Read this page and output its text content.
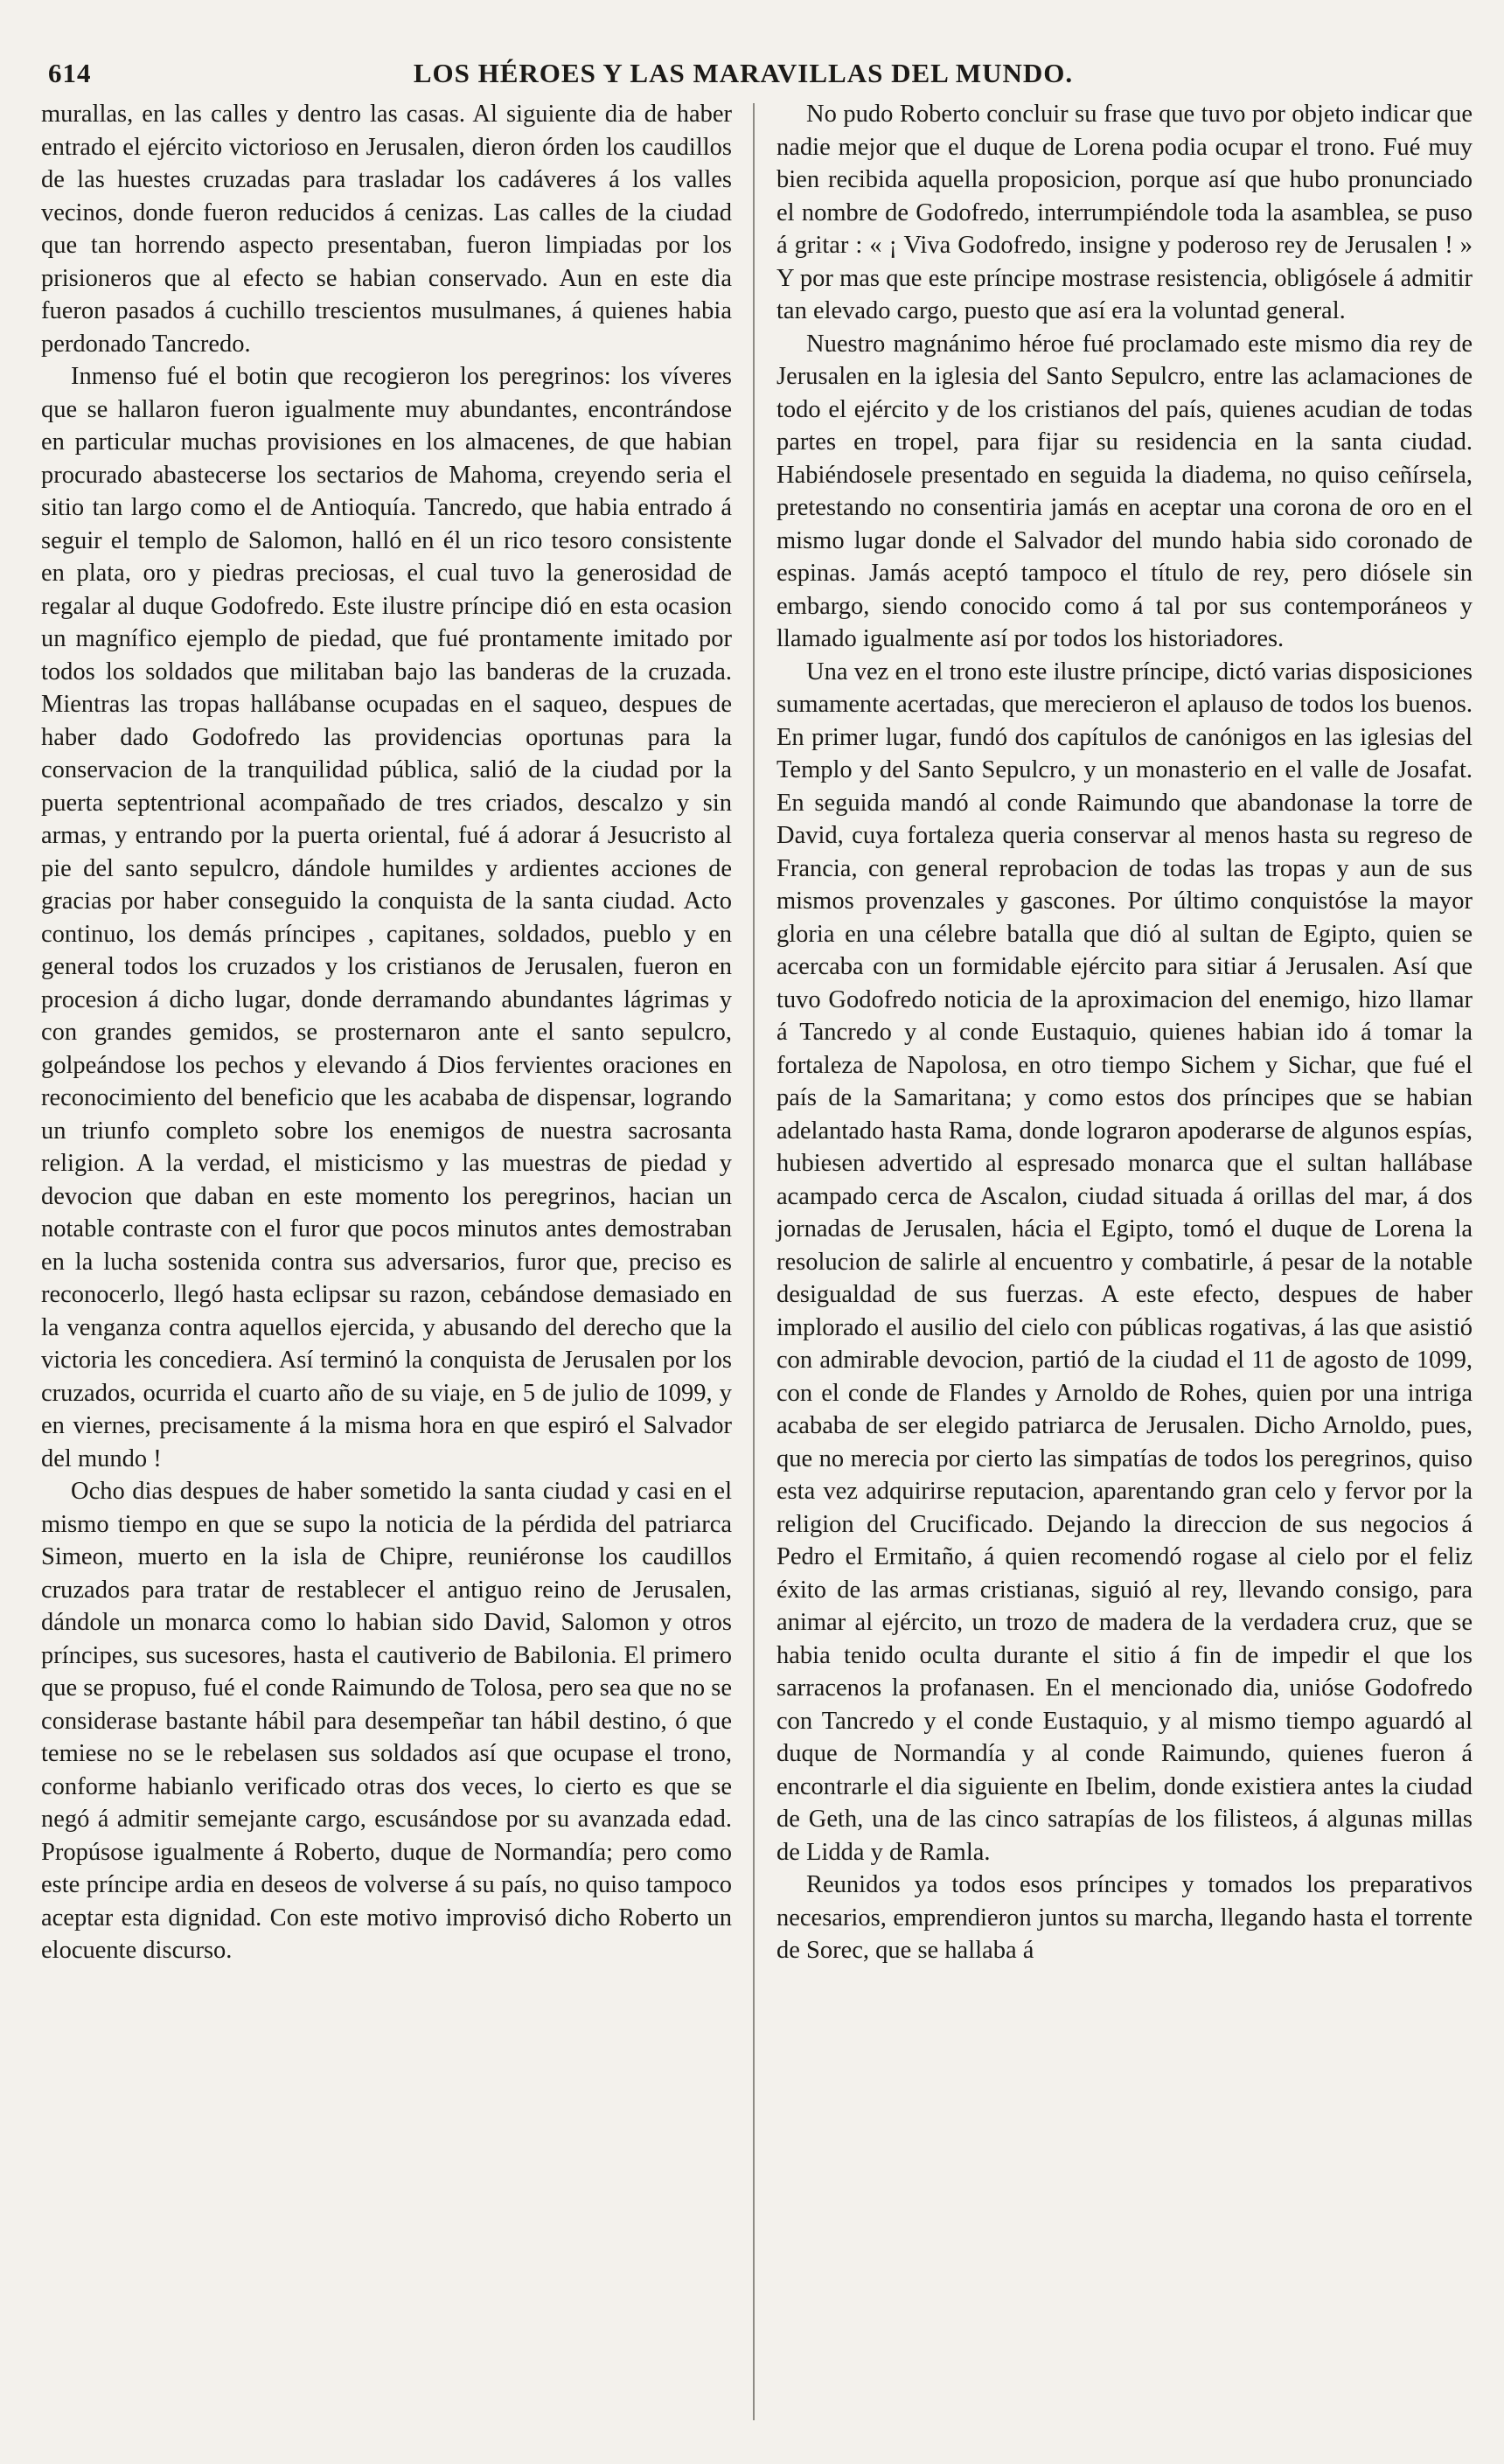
614	LOS HÉROES Y LAS MARAVILLAS DEL MUNDO.

murallas, en las calles y dentro las casas. Al siguiente dia de haber entrado el ejército victorioso en Jerusalen, dieron órden los caudillos de las huestes cruzadas para trasladar los cadáveres á los valles vecinos, donde fueron reducidos á cenizas. Las calles de la ciudad que tan horrendo aspecto presentaban, fueron limpiadas por los prisioneros que al efecto se habian conservado. Aun en este dia fueron pasados á cuchillo trescientos musulmanes, á quienes habia perdonado Tancredo.

Inmenso fué el botin que recogieron los peregrinos: los víveres que se hallaron fueron igualmente muy abundantes, encontrándose en particular muchas provisiones en los almacenes, de que habian procurado abastecerse los sectarios de Mahoma, creyendo seria el sitio tan largo como el de Antioquía. Tancredo, que habia entrado á seguir el templo de Salomon, halló en él un rico tesoro consistente en plata, oro y piedras preciosas, el cual tuvo la generosidad de regalar al duque Godofredo. Este ilustre príncipe dió en esta ocasion un magnífico ejemplo de piedad, que fué prontamente imitado por todos los soldados que militaban bajo las banderas de la cruzada. Mientras las tropas hallábanse ocupadas en el saqueo, despues de haber dado Godofredo las providencias oportunas para la conservacion de la tranquilidad pública, salió de la ciudad por la puerta septentrional acompañado de tres criados, descalzo y sin armas, y entrando por la puerta oriental, fué á adorar á Jesucristo al pie del santo sepulcro, dándole humildes y ardientes acciones de gracias por haber conseguido la conquista de la santa ciudad. Acto continuo, los demás príncipes , capitanes, soldados, pueblo y en general todos los cruzados y los cristianos de Jerusalen, fueron en procesion á dicho lugar, donde derramando abundantes lágrimas y con grandes gemidos, se prosternaron ante el santo sepulcro, golpeándose los pechos y elevando á Dios fervientes oraciones en reconocimiento del beneficio que les acababa de dispensar, logrando un triunfo completo sobre los enemigos de nuestra sacrosanta religion. A la verdad, el misticismo y las muestras de piedad y devocion que daban en este momento los peregrinos, hacian un notable contraste con el furor que pocos minutos antes demostraban en la lucha sostenida contra sus adversarios, furor que, preciso es reconocerlo, llegó hasta eclipsar su razon, cebándose demasiado en la venganza contra aquellos ejercida, y abusando del derecho que la victoria les concediera. Así terminó la conquista de Jerusalen por los cruzados, ocurrida el cuarto año de su viaje, en 5 de julio de 1099, y en viernes, precisamente á la misma hora en que espiró el Salvador del mundo !

Ocho dias despues de haber sometido la santa ciudad y casi en el mismo tiempo en que se supo la noticia de la pérdida del patriarca Simeon, muerto en la isla de Chipre, reuniéronse los caudillos cruzados para tratar de restablecer el antiguo reino de Jerusalen, dándole un monarca como lo habian sido David, Salomon y otros príncipes, sus sucesores, hasta el cautiverio de Babilonia. El primero que se propuso, fué el conde Raimundo de Tolosa, pero sea que no se considerase bastante hábil para desempeñar tan hábil destino, ó que temiese no se le rebelasen sus soldados así que ocupase el trono, conforme habianlo verificado otras dos veces, lo cierto es que se negó á admitir semejante cargo, escusándose por su avanzada edad. Propúsose igualmente á Roberto, duque de Normandía; pero como este príncipe ardia en deseos de volverse á su país, no quiso tampoco aceptar esta dignidad. Con este motivo improvisó dicho Roberto un elocuente discurso.

No pudo Roberto concluir su frase que tuvo por objeto indicar que nadie mejor que el duque de Lorena podia ocupar el trono. Fué muy bien recibida aquella proposicion, porque así que hubo pronunciado el nombre de Godofredo, interrumpiéndole toda la asamblea, se puso á gritar : « ¡ Viva Godofredo, insigne y poderoso rey de Jerusalen ! » Y por mas que este príncipe mostrase resistencia, obligósele á admitir tan elevado cargo, puesto que así era la voluntad general.

Nuestro magnánimo héroe fué proclamado este mismo dia rey de Jerusalen en la iglesia del Santo Sepulcro, entre las aclamaciones de todo el ejército y de los cristianos del país, quienes acudian de todas partes en tropel, para fijar su residencia en la santa ciudad. Habiéndosele presentado en seguida la diadema, no quiso ceñírsela, pretestando no consentiria jamás en aceptar una corona de oro en el mismo lugar donde el Salvador del mundo habia sido coronado de espinas. Jamás aceptó tampoco el título de rey, pero diósele sin embargo, siendo conocido como á tal por sus contemporáneos y llamado igualmente así por todos los historiadores.

Una vez en el trono este ilustre príncipe, dictó varias disposiciones sumamente acertadas, que merecieron el aplauso de todos los buenos. En primer lugar, fundó dos capítulos de canónigos en las iglesias del Templo y del Santo Sepulcro, y un monasterio en el valle de Josafat. En seguida mandó al conde Raimundo que abandonase la torre de David, cuya fortaleza queria conservar al menos hasta su regreso de Francia, con general reprobacion de todas las tropas y aun de sus mismos provenzales y gascones. Por último conquistóse la mayor gloria en una célebre batalla que dió al sultan de Egipto, quien se acercaba con un formidable ejército para sitiar á Jerusalen. Así que tuvo Godofredo noticia de la aproximacion del enemigo, hizo llamar á Tancredo y al conde Eustaquio, quienes habian ido á tomar la fortaleza de Napolosa, en otro tiempo Sichem y Sichar, que fué el país de la Samaritana; y como estos dos príncipes que se habian adelantado hasta Rama, donde lograron apoderarse de algunos espías, hubiesen advertido al espresado monarca que el sultan hallábase acampado cerca de Ascalon, ciudad situada á orillas del mar, á dos jornadas de Jerusalen, hácia el Egipto, tomó el duque de Lorena la resolucion de salirle al encuentro y combatirle, á pesar de la notable desigualdad de sus fuerzas. A este efecto, despues de haber implorado el ausilio del cielo con públicas rogativas, á las que asistió con admirable devocion, partió de la ciudad el 11 de agosto de 1099, con el conde de Flandes y Arnoldo de Rohes, quien por una intriga acababa de ser elegido patriarca de Jerusalen. Dicho Arnoldo, pues, que no merecia por cierto las simpatías de todos los peregrinos, quiso esta vez adquirirse reputacion, aparentando gran celo y fervor por la religion del Crucificado. Dejando la direccion de sus negocios á Pedro el Ermitaño, á quien recomendó rogase al cielo por el feliz éxito de las armas cristianas, siguió al rey, llevando consigo, para animar al ejército, un trozo de madera de la verdadera cruz, que se habia tenido oculta durante el sitio á fin de impedir el que los sarracenos la profanasen. En el mencionado dia, unióse Godofredo con Tancredo y el conde Eustaquio, y al mismo tiempo aguardó al duque de Normandía y al conde Raimundo, quienes fueron á encontrarle el dia siguiente en Ibelim, donde existiera antes la ciudad de Geth, una de las cinco satrapías de los filisteos, á algunas millas de Lidda y de Ramla.

Reunidos ya todos esos príncipes y tomados los preparativos necesarios, emprendieron juntos su marcha, llegando hasta el torrente de Sorec, que se hallaba á
